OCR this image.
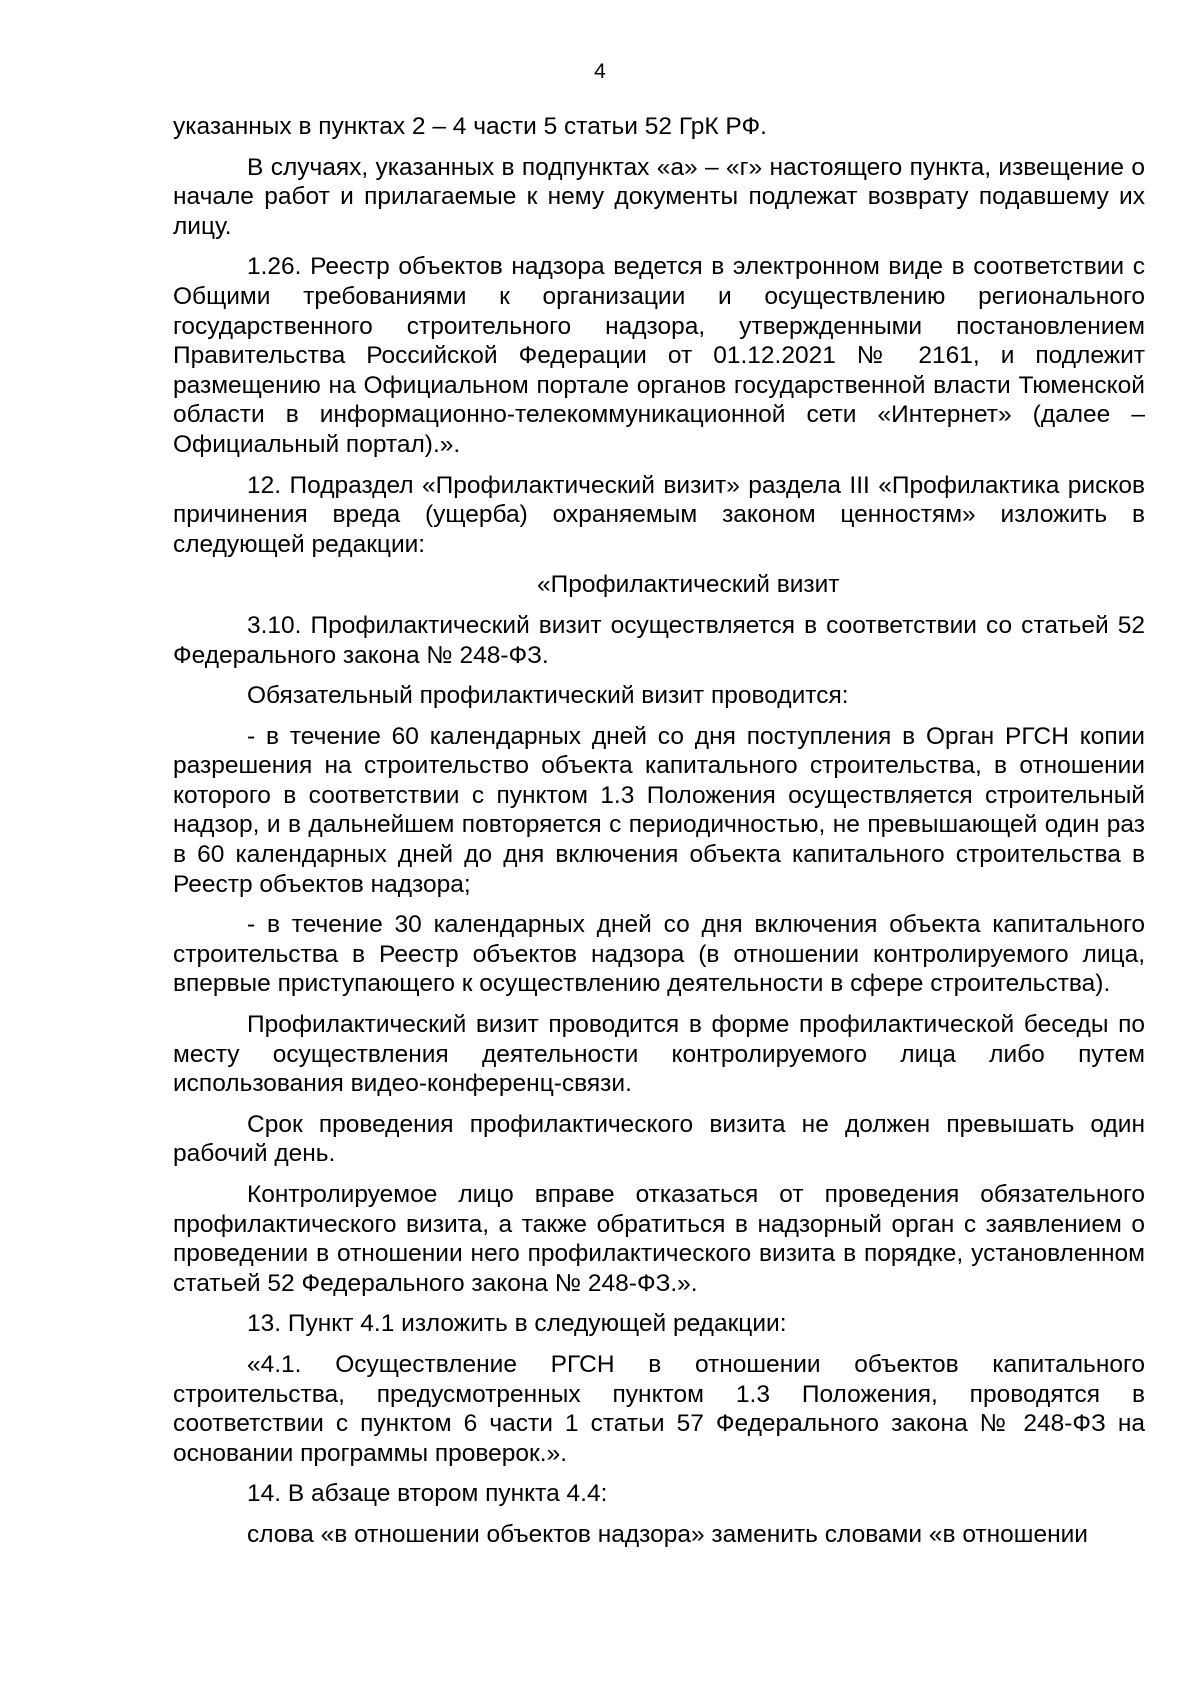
4

указанных в пунктах 2 – 4 части 5 статьи 52 ГрК РФ.

В случаях, указанных в подпунктах «а» – «г» настоящего пункта, извещение о начале работ и прилагаемые к нему документы подлежат возврату подавшему их лицу.

1.26. Реестр объектов надзора ведется в электронном виде в соответствии с Общими требованиями к организации и осуществлению регионального государственного строительного надзора, утвержденными постановлением Правительства Российской Федерации от 01.12.2021 № 2161, и подлежит размещению на Официальном портале органов государственной власти Тюменской области в информационно-телекоммуникационной сети «Интернет» (далее – Официальный портал).».

12. Подраздел «Профилактический визит» раздела III «Профилактика рисков причинения вреда (ущерба) охраняемым законом ценностям» изложить в следующей редакции:

«Профилактический визит

3.10. Профилактический визит осуществляется в соответствии со статьей 52 Федерального закона № 248-ФЗ.

Обязательный профилактический визит проводится:

- в течение 60 календарных дней со дня поступления в Орган РГСН копии разрешения на строительство объекта капитального строительства, в отношении которого в соответствии с пунктом 1.3 Положения осуществляется строительный надзор, и в дальнейшем повторяется с периодичностью, не превышающей один раз в 60 календарных дней до дня включения объекта капитального строительства в Реестр объектов надзора;

- в течение 30 календарных дней со дня включения объекта капитального строительства в Реестр объектов надзора (в отношении контролируемого лица, впервые приступающего к осуществлению деятельности в сфере строительства).

Профилактический визит проводится в форме профилактической беседы по месту осуществления деятельности контролируемого лица либо путем использования видео-конференц-связи.

Срок проведения профилактического визита не должен превышать один рабочий день.

Контролируемое лицо вправе отказаться от проведения обязательного профилактического визита, а также обратиться в надзорный орган с заявлением о проведении в отношении него профилактического визита в порядке, установленном статьей 52 Федерального закона № 248-ФЗ.».

13. Пункт 4.1 изложить в следующей редакции:

«4.1. Осуществление РГСН в отношении объектов капитального строительства, предусмотренных пунктом 1.3 Положения, проводятся в соответствии с пунктом 6 части 1 статьи 57 Федерального закона № 248-ФЗ на основании программы проверок.».

14. В абзаце втором пункта 4.4:

слова «в отношении объектов надзора» заменить словами «в отношении
